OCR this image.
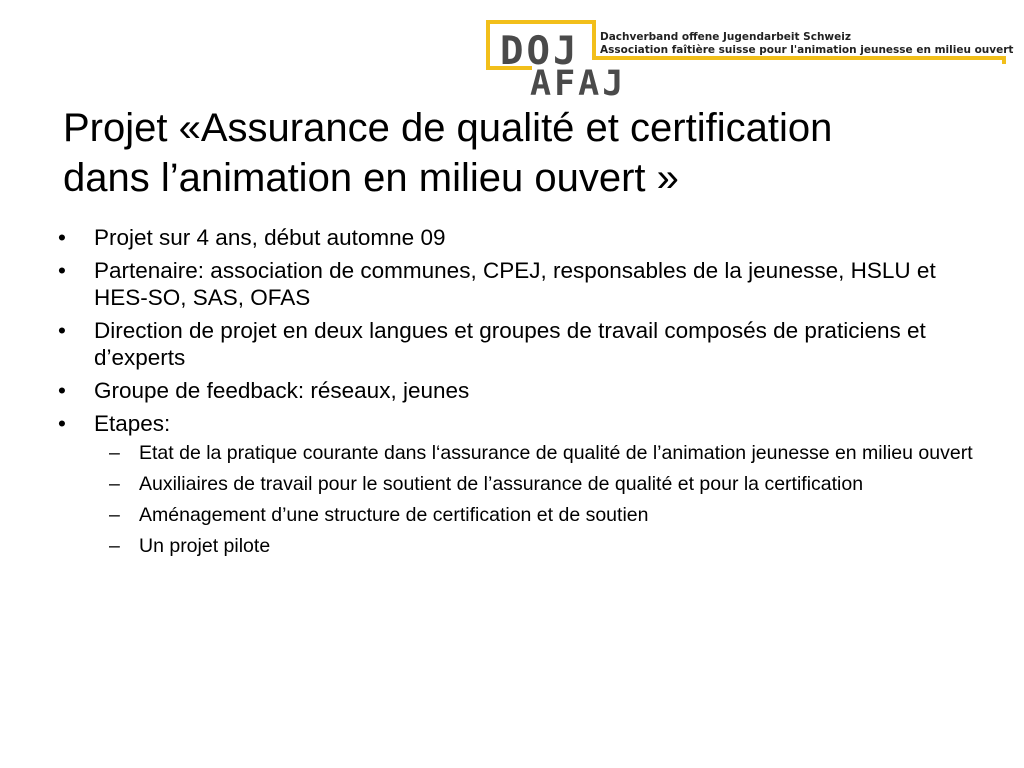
DOJ
AFAJ
Dachverband offene Jugendarbeit Schweiz
Association faîtière suisse pour l'animation jeunesse en milieu ouvert
Projet «Assurance de qualité et certification
dans l’animation en milieu ouvert »
• Projet sur 4 ans, début automne 09
• Partenaire: association de communes, CPEJ, responsables de la jeunesse, HSLU et HES-SO, SAS, OFAS
• Direction de projet en deux langues et groupes de travail composés de praticiens et d’experts
• Groupe de feedback: réseaux, jeunes
• Etapes:
– Etat de la pratique courante dans l‘assurance de qualité de l’animation jeunesse en milieu ouvert
– Auxiliaires de travail pour le soutient de l’assurance de qualité et pour la certification
– Aménagement d’une structure de certification et de soutien
– Un projet pilote
